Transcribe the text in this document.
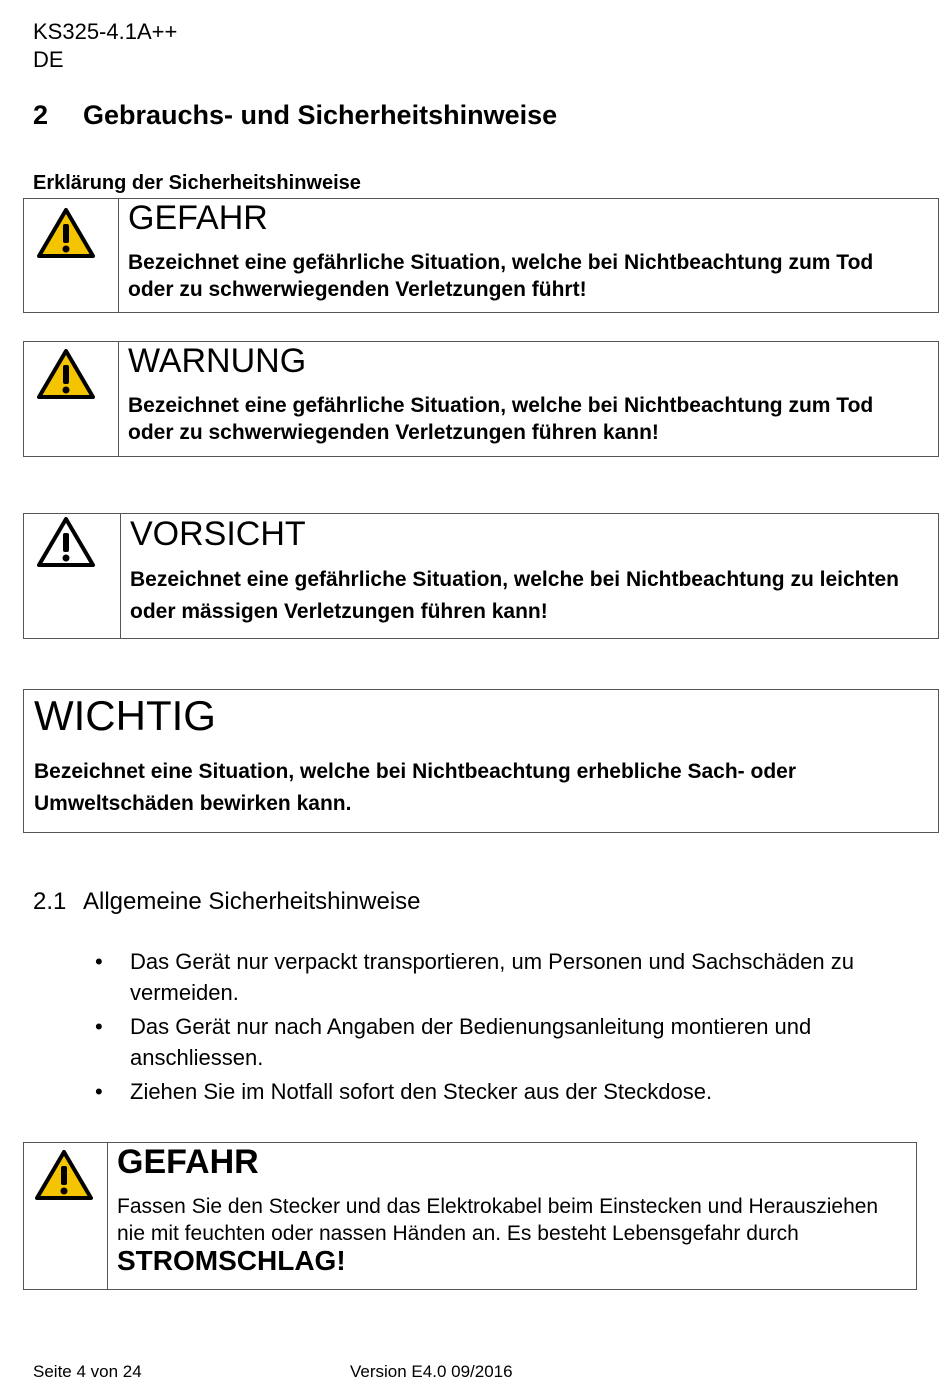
KS325-4.1A++
DE
2 Gebrauchs- und Sicherheitshinweise
Erklärung der Sicherheitshinweise
GEFAHR
Bezeichnet eine gefährliche Situation, welche bei Nichtbeachtung zum Tod oder zu schwerwiegenden Verletzungen führt!
WARNUNG
Bezeichnet eine gefährliche Situation, welche bei Nichtbeachtung zum Tod oder zu schwerwiegenden Verletzungen führen kann!
VORSICHT
Bezeichnet eine gefährliche Situation, welche bei Nichtbeachtung zu leichten oder mässigen Verletzungen führen kann!
WICHTIG
Bezeichnet eine Situation, welche bei Nichtbeachtung erhebliche Sach- oder Umweltschäden bewirken kann.
2.1 Allgemeine Sicherheitshinweise
• Das Gerät nur verpackt transportieren, um Personen und Sachschäden zu vermeiden.
• Das Gerät nur nach Angaben der Bedienungsanleitung montieren und anschliessen.
• Ziehen Sie im Notfall sofort den Stecker aus der Steckdose.
GEFAHR
Fassen Sie den Stecker und das Elektrokabel beim Einstecken und Herausziehen nie mit feuchten oder nassen Händen an. Es besteht Lebensgefahr durch STROMSCHLAG!
Seite 4 von 24	Version E4.0 09/2016
